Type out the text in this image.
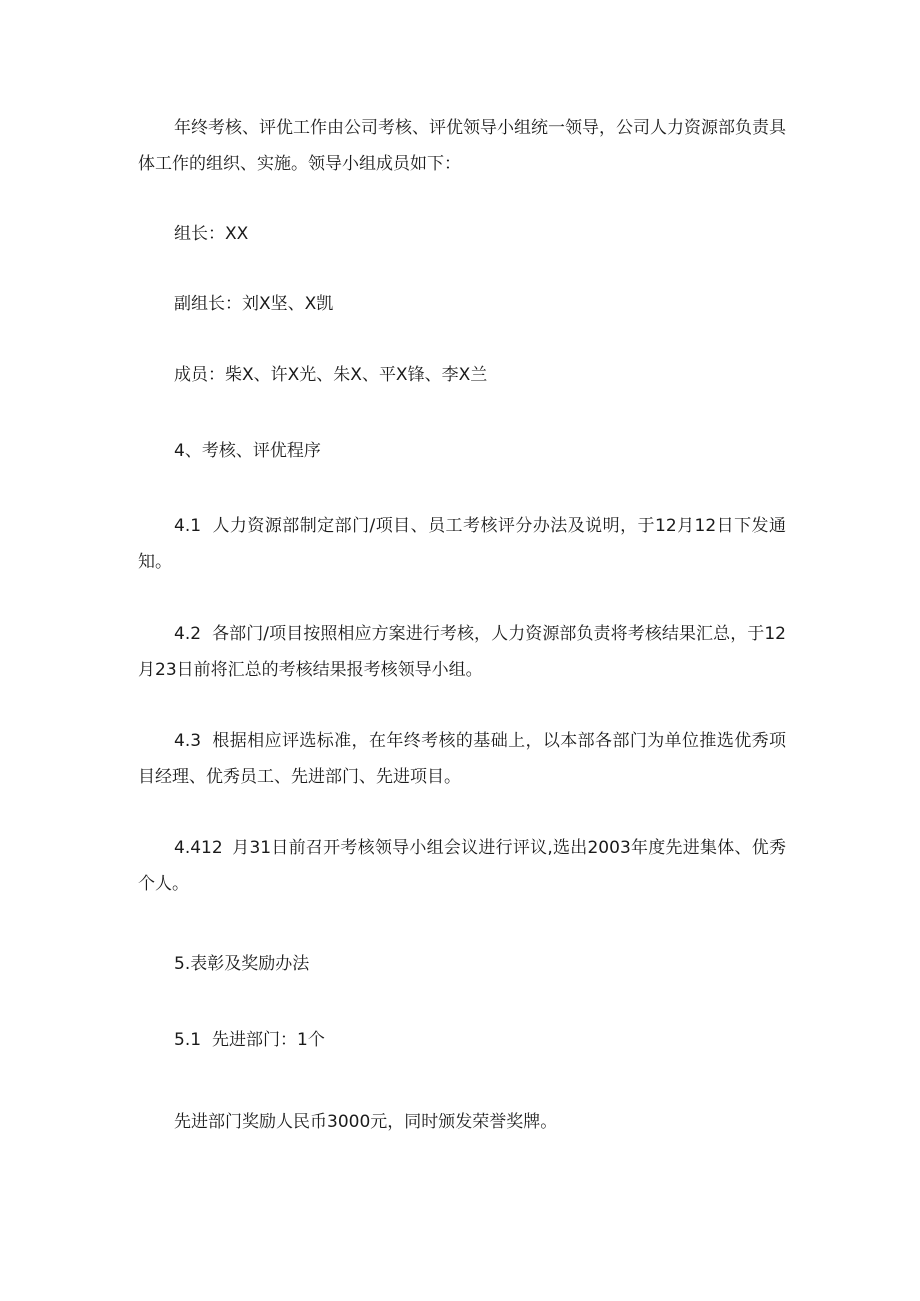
年终考核、评优工作由公司考核、评优领导小组统一领导，公司人力资源部负责具体工作的组织、实施。领导小组成员如下：

组长：XX

副组长：刘X坚、X凯

成员：柴X、许X光、朱X、平X锋、李X兰

4、考核、评优程序

4.1 人力资源部制定部门/项目、员工考核评分办法及说明，于12月12日下发通知。

4.2 各部门/项目按照相应方案进行考核，人力资源部负责将考核结果汇总，于12月23日前将汇总的考核结果报考核领导小组。

4.3 根据相应评选标准，在年终考核的基础上，以本部各部门为单位推选优秀项目经理、优秀员工、先进部门、先进项目。

4.412 月31日前召开考核领导小组会议进行评议,选出2003年度先进集体、优秀个人。

5.表彰及奖励办法

5.1 先进部门：1个

先进部门奖励人民币3000元，同时颁发荣誉奖牌。
